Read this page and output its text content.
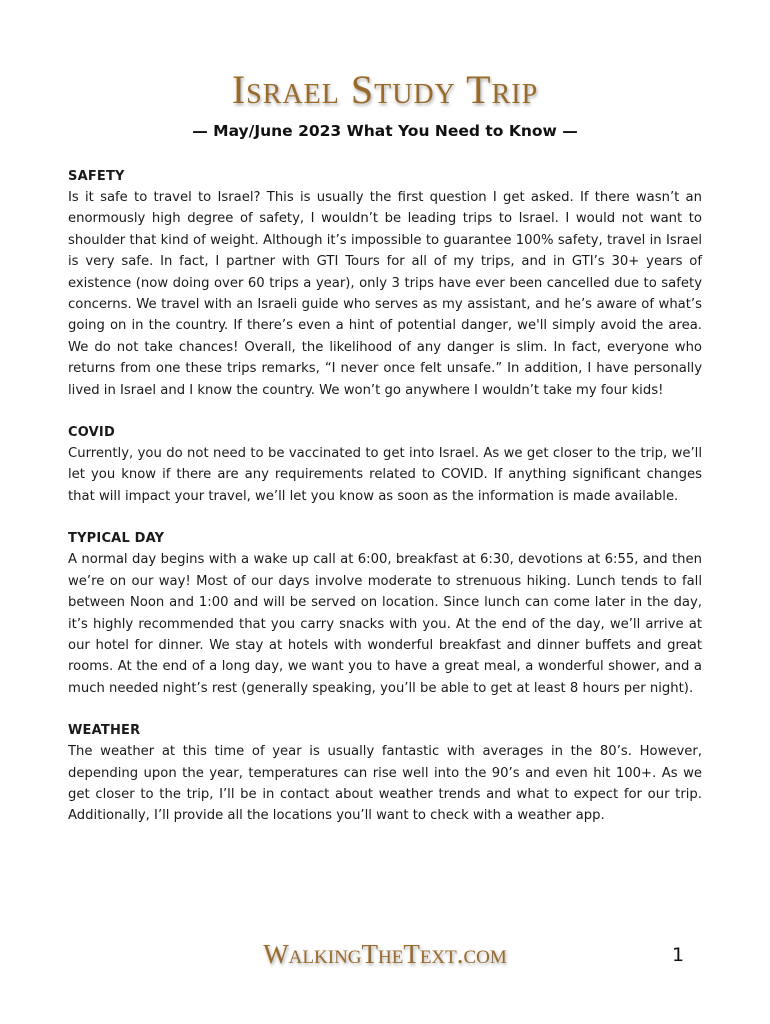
Israel Study Trip
— May/June 2023 What You Need to Know —
SAFETY

Is it safe to travel to Israel? This is usually the first question I get asked. If there wasn’t an enormously high degree of safety, I wouldn’t be leading trips to Israel. I would not want to shoulder that kind of weight. Although it’s impossible to guarantee 100% safety, travel in Israel is very safe. In fact, I partner with GTI Tours for all of my trips, and in GTI’s 30+ years of existence (now doing over 60 trips a year), only 3 trips have ever been cancelled due to safety concerns. We travel with an Israeli guide who serves as my assistant, and he’s aware of what’s going on in the country. If there’s even a hint of potential danger, we'll simply avoid the area. We do not take chances! Overall, the likelihood of any danger is slim. In fact, everyone who returns from one these trips remarks, “I never once felt unsafe.” In addition, I have personally lived in Israel and I know the country. We won’t go anywhere I wouldn’t take my four kids!

COVID

Currently, you do not need to be vaccinated to get into Israel. As we get closer to the trip, we’ll let you know if there are any requirements related to COVID. If anything significant changes that will impact your travel, we’ll let you know as soon as the information is made available.

TYPICAL DAY

A normal day begins with a wake up call at 6:00, breakfast at 6:30, devotions at 6:55, and then we’re on our way! Most of our days involve moderate to strenuous hiking. Lunch tends to fall between Noon and 1:00 and will be served on location. Since lunch can come later in the day, it’s highly recommended that you carry snacks with you. At the end of the day, we’ll arrive at our hotel for dinner. We stay at hotels with wonderful breakfast and dinner buffets and great rooms. At the end of a long day, we want you to have a great meal, a wonderful shower, and a much needed night’s rest (generally speaking, you’ll be able to get at least 8 hours per night).

WEATHER

The weather at this time of year is usually fantastic with averages in the 80’s. However, depending upon the year, temperatures can rise well into the 90’s and even hit 100+. As we get closer to the trip, I’ll be in contact about weather trends and what to expect for our trip. Additionally, I’ll provide all the locations you’ll want to check with a weather app.

WalkingTheText.com	1
